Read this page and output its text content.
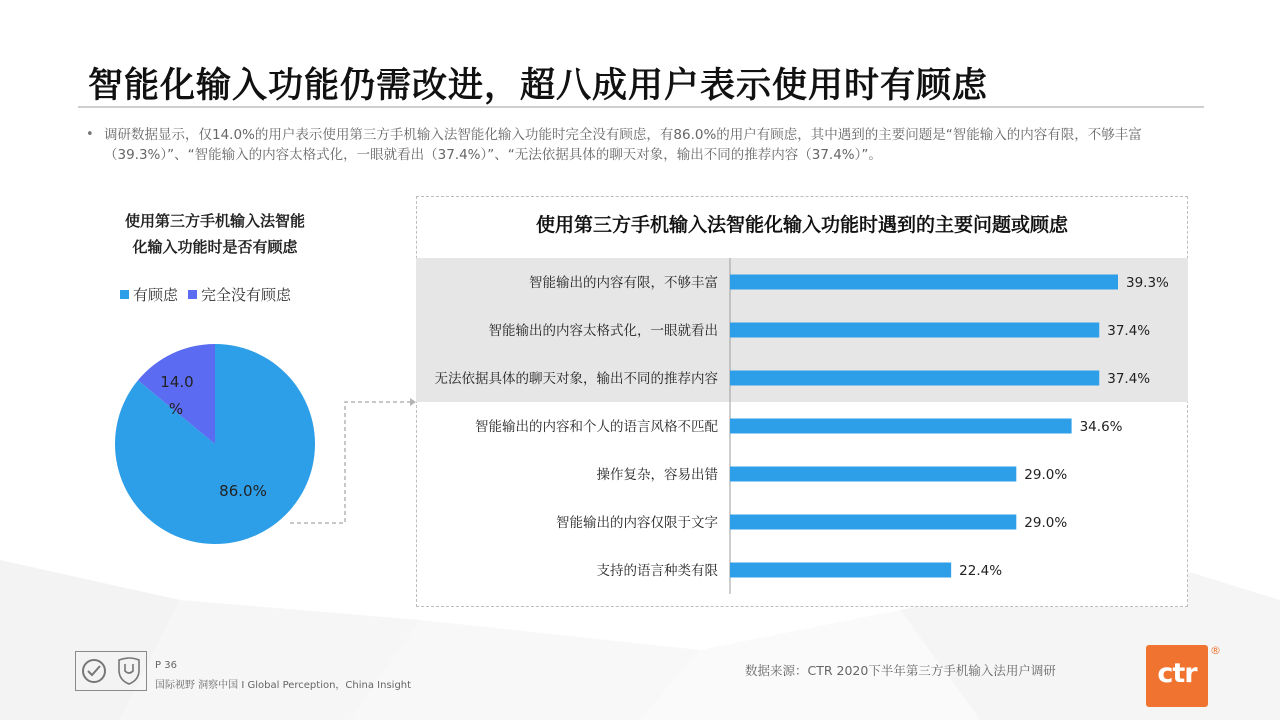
智能化输入功能仍需改进，超八成用户表示使用时有顾虑
• 调研数据显示，仅14.0%的用户表示使用第三方手机输入法智能化输入功能时完全没有顾虑，有86.0%的用户有顾虑，其中遇到的主要问题是“智能输入的内容有限，不够丰富（39.3%）”、“智能输入的内容太格式化，一眼就看出（37.4%）”、“无法依据具体的聊天对象，输出不同的推荐内容（37.4%）”。
使用第三方手机输入法智能
化输入功能时是否有顾虑
有顾虑 完全没有顾虑
86.0%
14.0
%
使用第三方手机输入法智能化输入功能时遇到的主要问题或顾虑
智能输出的内容有限，不够丰富	39.3%
智能输出的内容太格式化，一眼就看出	37.4%
无法依据具体的聊天对象，输出不同的推荐内容	37.4%
智能输出的内容和个人的语言风格不匹配	34.6%
操作复杂，容易出错	29.0%
智能输出的内容仅限于文字	29.0%
支持的语言种类有限	22.4%
P 36
国际视野 洞察中国 I Global Perception，China Insight
数据来源：CTR 2020下半年第三方手机输入法用户调研	ctr
®
